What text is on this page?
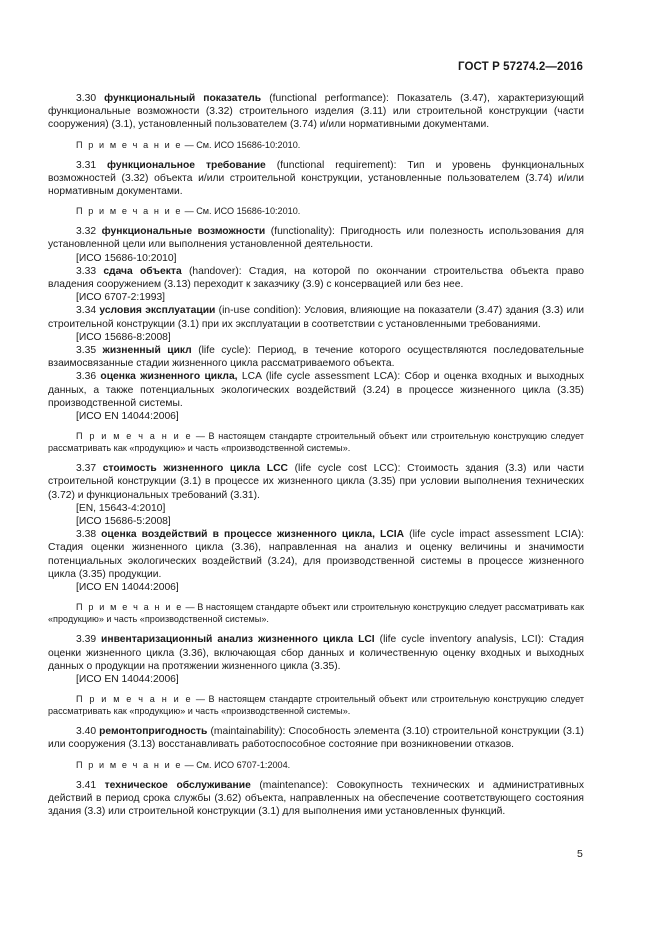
ГОСТ Р 57274.2—2016

3.30 функциональный показатель (functional performance): Показатель (3.47), характеризующий функциональные возможности (3.32) строительного изделия (3.11) или строительной конструкции (части сооружения) (3.1), установленный пользователем (3.74) и/или нормативными документами.

П р и м е ч а н и е — См. ИСО 15686-10:2010.

3.31 функциональное требование (functional requirement): Тип и уровень функциональных возможностей (3.32) объекта и/или строительной конструкции, установленные пользователем (3.74) и/или нормативным документами.

П р и м е ч а н и е — См. ИСО 15686-10:2010.

3.32 функциональные возможности (functionality): Пригодность или полезность использования для установленной цели или выполнения установленной деятельности.

[ИСО 15686-10:2010]

3.33 сдача объекта (handover): Стадия, на которой по окончании строительства объекта право владения сооружением (3.13) переходит к заказчику (3.9) с консервацией или без нее.

[ИСО 6707-2:1993]

3.34 условия эксплуатации (in-use condition): Условия, влияющие на показатели (3.47) здания (3.3) или строительной конструкции (3.1) при их эксплуатации в соответствии с установленными требованиями.

[ИСО 15686-8:2008]

3.35 жизненный цикл (life cycle): Период, в течение которого осуществляются последовательные взаимосвязанные стадии жизненного цикла рассматриваемого объекта.

3.36 оценка жизненного цикла, LCA (life cycle assessment LCA): Сбор и оценка входных и выходных данных, а также потенциальных экологических воздействий (3.24) в процессе жизненного цикла (3.35) производственной системы.

[ИСО EN 14044:2006]

П р и м е ч а н и е — В настоящем стандарте строительный объект или строительную конструкцию следует рассматривать как «продукцию» и часть «производственной системы».

3.37 стоимость жизненного цикла LCC (life cycle cost LCC): Стоимость здания (3.3) или части строительной конструкции (3.1) в процессе их жизненного цикла (3.35) при условии выполнения технических (3.72) и функциональных требований (3.31).

[EN, 15643-4:2010]

[ИСО 15686-5:2008]

3.38 оценка воздействий в процессе жизненного цикла, LCIA (life cycle impact assessment LCIA): Стадия оценки жизненного цикла (3.36), направленная на анализ и оценку величины и значимости потенциальных экологических воздействий (3.24), для производственной системы в процессе жизненного цикла (3.35) продукции.

[ИСО EN 14044:2006]

П р и м е ч а н и е — В настоящем стандарте объект или строительную конструкцию следует рассматривать как «продукцию» и часть «производственной системы».

3.39 инвентаризационный анализ жизненного цикла LCI (life cycle inventory analysis, LCI): Стадия оценки жизненного цикла (3.36), включающая сбор данных и количественную оценку входных и выходных данных о продукции на протяжении жизненного цикла (3.35).

[ИСО EN 14044:2006]

П р и м е ч а н и е — В настоящем стандарте строительный объект или строительную конструкцию следует рассматривать как «продукцию» и часть «производственной системы».

3.40 ремонтопригодность (maintainability): Способность элемента (3.10) строительной конструкции (3.1) или сооружения (3.13) восстанавливать работоспособное состояние при возникновении отказов.

П р и м е ч а н и е — См. ИСО 6707-1:2004.

3.41 техническое обслуживание (maintenance): Совокупность технических и административных действий в период срока службы (3.62) объекта, направленных на обеспечение соответствующего состояния здания (3.3) или строительной конструкции (3.1) для выполнения ими установленных функций.

5
